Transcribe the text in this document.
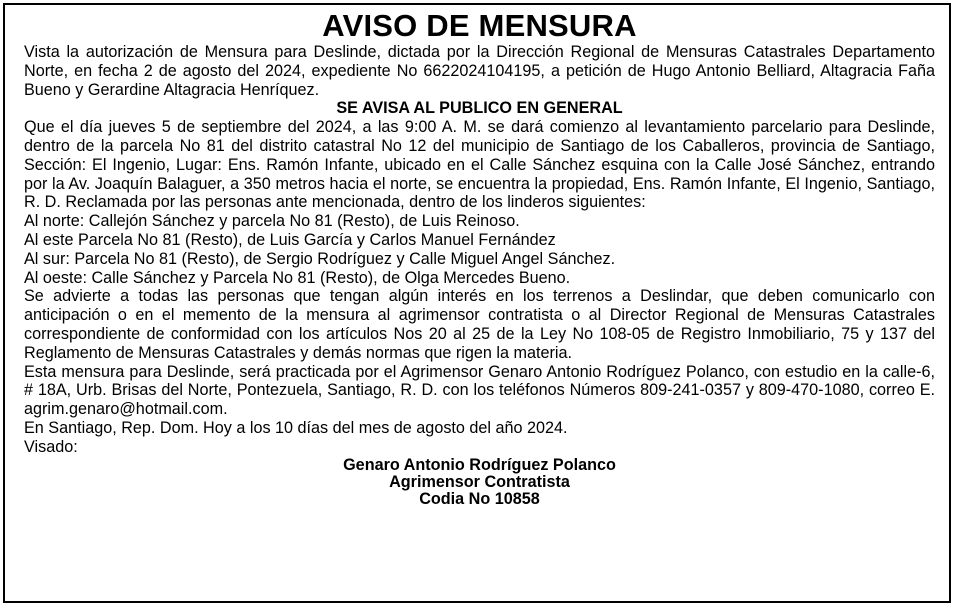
AVISO DE MENSURA

Vista la autorización de Mensura para Deslinde, dictada por la Dirección Regional de Mensuras Catastrales Departamento Norte, en fecha 2 de agosto del 2024, expediente No 6622024104195, a petición de Hugo Antonio Belliard, Altagracia Faña Bueno y Gerardine Altagracia Henríquez.

SE AVISA AL PUBLICO EN GENERAL

Que el día jueves 5 de septiembre del 2024, a las 9:00 A. M. se dará comienzo al levantamiento parcelario para Deslinde, dentro de la parcela No 81 del distrito catastral No 12 del municipio de Santiago de los Caballeros, provincia de Santiago, Sección: El Ingenio, Lugar: Ens. Ramón Infante, ubicado en el Calle Sánchez esquina con la Calle José Sánchez, entrando por la Av. Joaquín Balaguer, a 350 metros hacia el norte, se encuentra la propiedad, Ens. Ramón Infante, El Ingenio, Santiago, R. D. Reclamada por las personas ante mencionada, dentro de los linderos siguientes:

Al norte: Callejón Sánchez y parcela No 81 (Resto), de Luis Reinoso.
Al este Parcela No 81 (Resto), de Luis García y Carlos Manuel Fernández
Al sur: Parcela No 81 (Resto), de Sergio Rodríguez y Calle Miguel Angel Sánchez.
Al oeste: Calle Sánchez y Parcela No 81 (Resto), de Olga Mercedes Bueno.

Se advierte a todas las personas que tengan algún interés en los terrenos a Deslindar, que deben comunicarlo con anticipación o en el memento de la mensura al agrimensor contratista o al Director Regional de Mensuras Catastrales correspondiente de conformidad con los artículos Nos 20 al 25 de la Ley No 108-05 de Registro Inmobiliario, 75 y 137 del Reglamento de Mensuras Catastrales y demás normas que rigen la materia.

Esta mensura para Deslinde, será practicada por el Agrimensor Genaro Antonio Rodríguez Polanco, con estudio en la calle-6, # 18A, Urb. Brisas del Norte, Pontezuela, Santiago, R. D. con los teléfonos Números 809-241-0357 y 809-470-1080, correo E. agrim.genaro@hotmail.com.

En Santiago, Rep. Dom. Hoy a los 10 días del mes de agosto del año 2024.
Visado:
Genaro Antonio Rodríguez Polanco
Agrimensor Contratista
Codia No 10858
